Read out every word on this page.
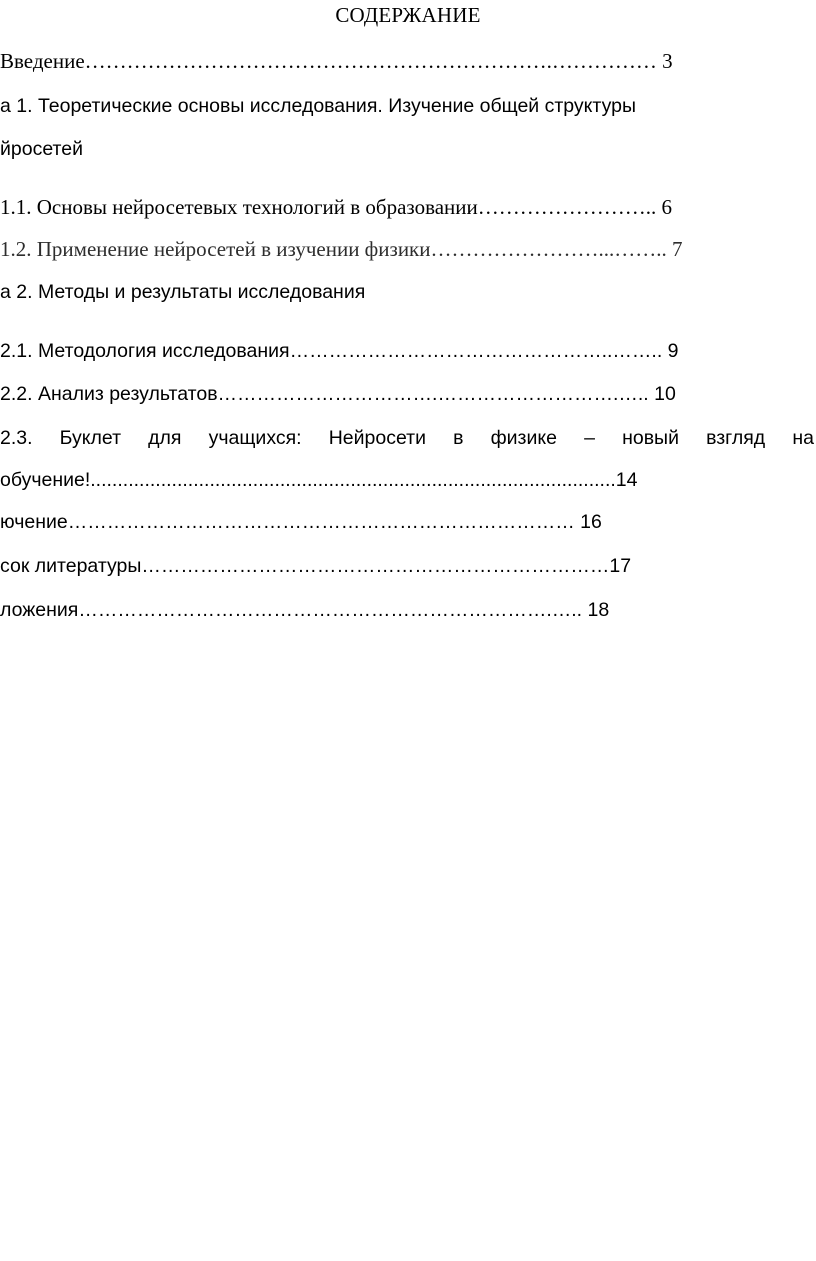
СОДЕРЖАНИЕ
Введение………………………………………………………….…………… 3
а 1. Теоретические основы исследования. Изучение общей структуры
йросетей
1.1. Основы нейросетевых технологий в образовании…………………….. 6
1.2. Применение нейросетей в изучении физики……………………...…….. 7
а 2. Методы и результаты исследования
2.1. Методология исследования…………………………………………..…….. 9
2.2. Анализ результатов…………………………….……………………….….. 10
2.3. Буклет для учащихся: Нейросети в физике – новый взгляд на
обучение!.................................................................................................14
ючение…………………………………………………………………… 16
сок литературы………………………………………………………………17
ложения……………………………………………………………….….. 18
